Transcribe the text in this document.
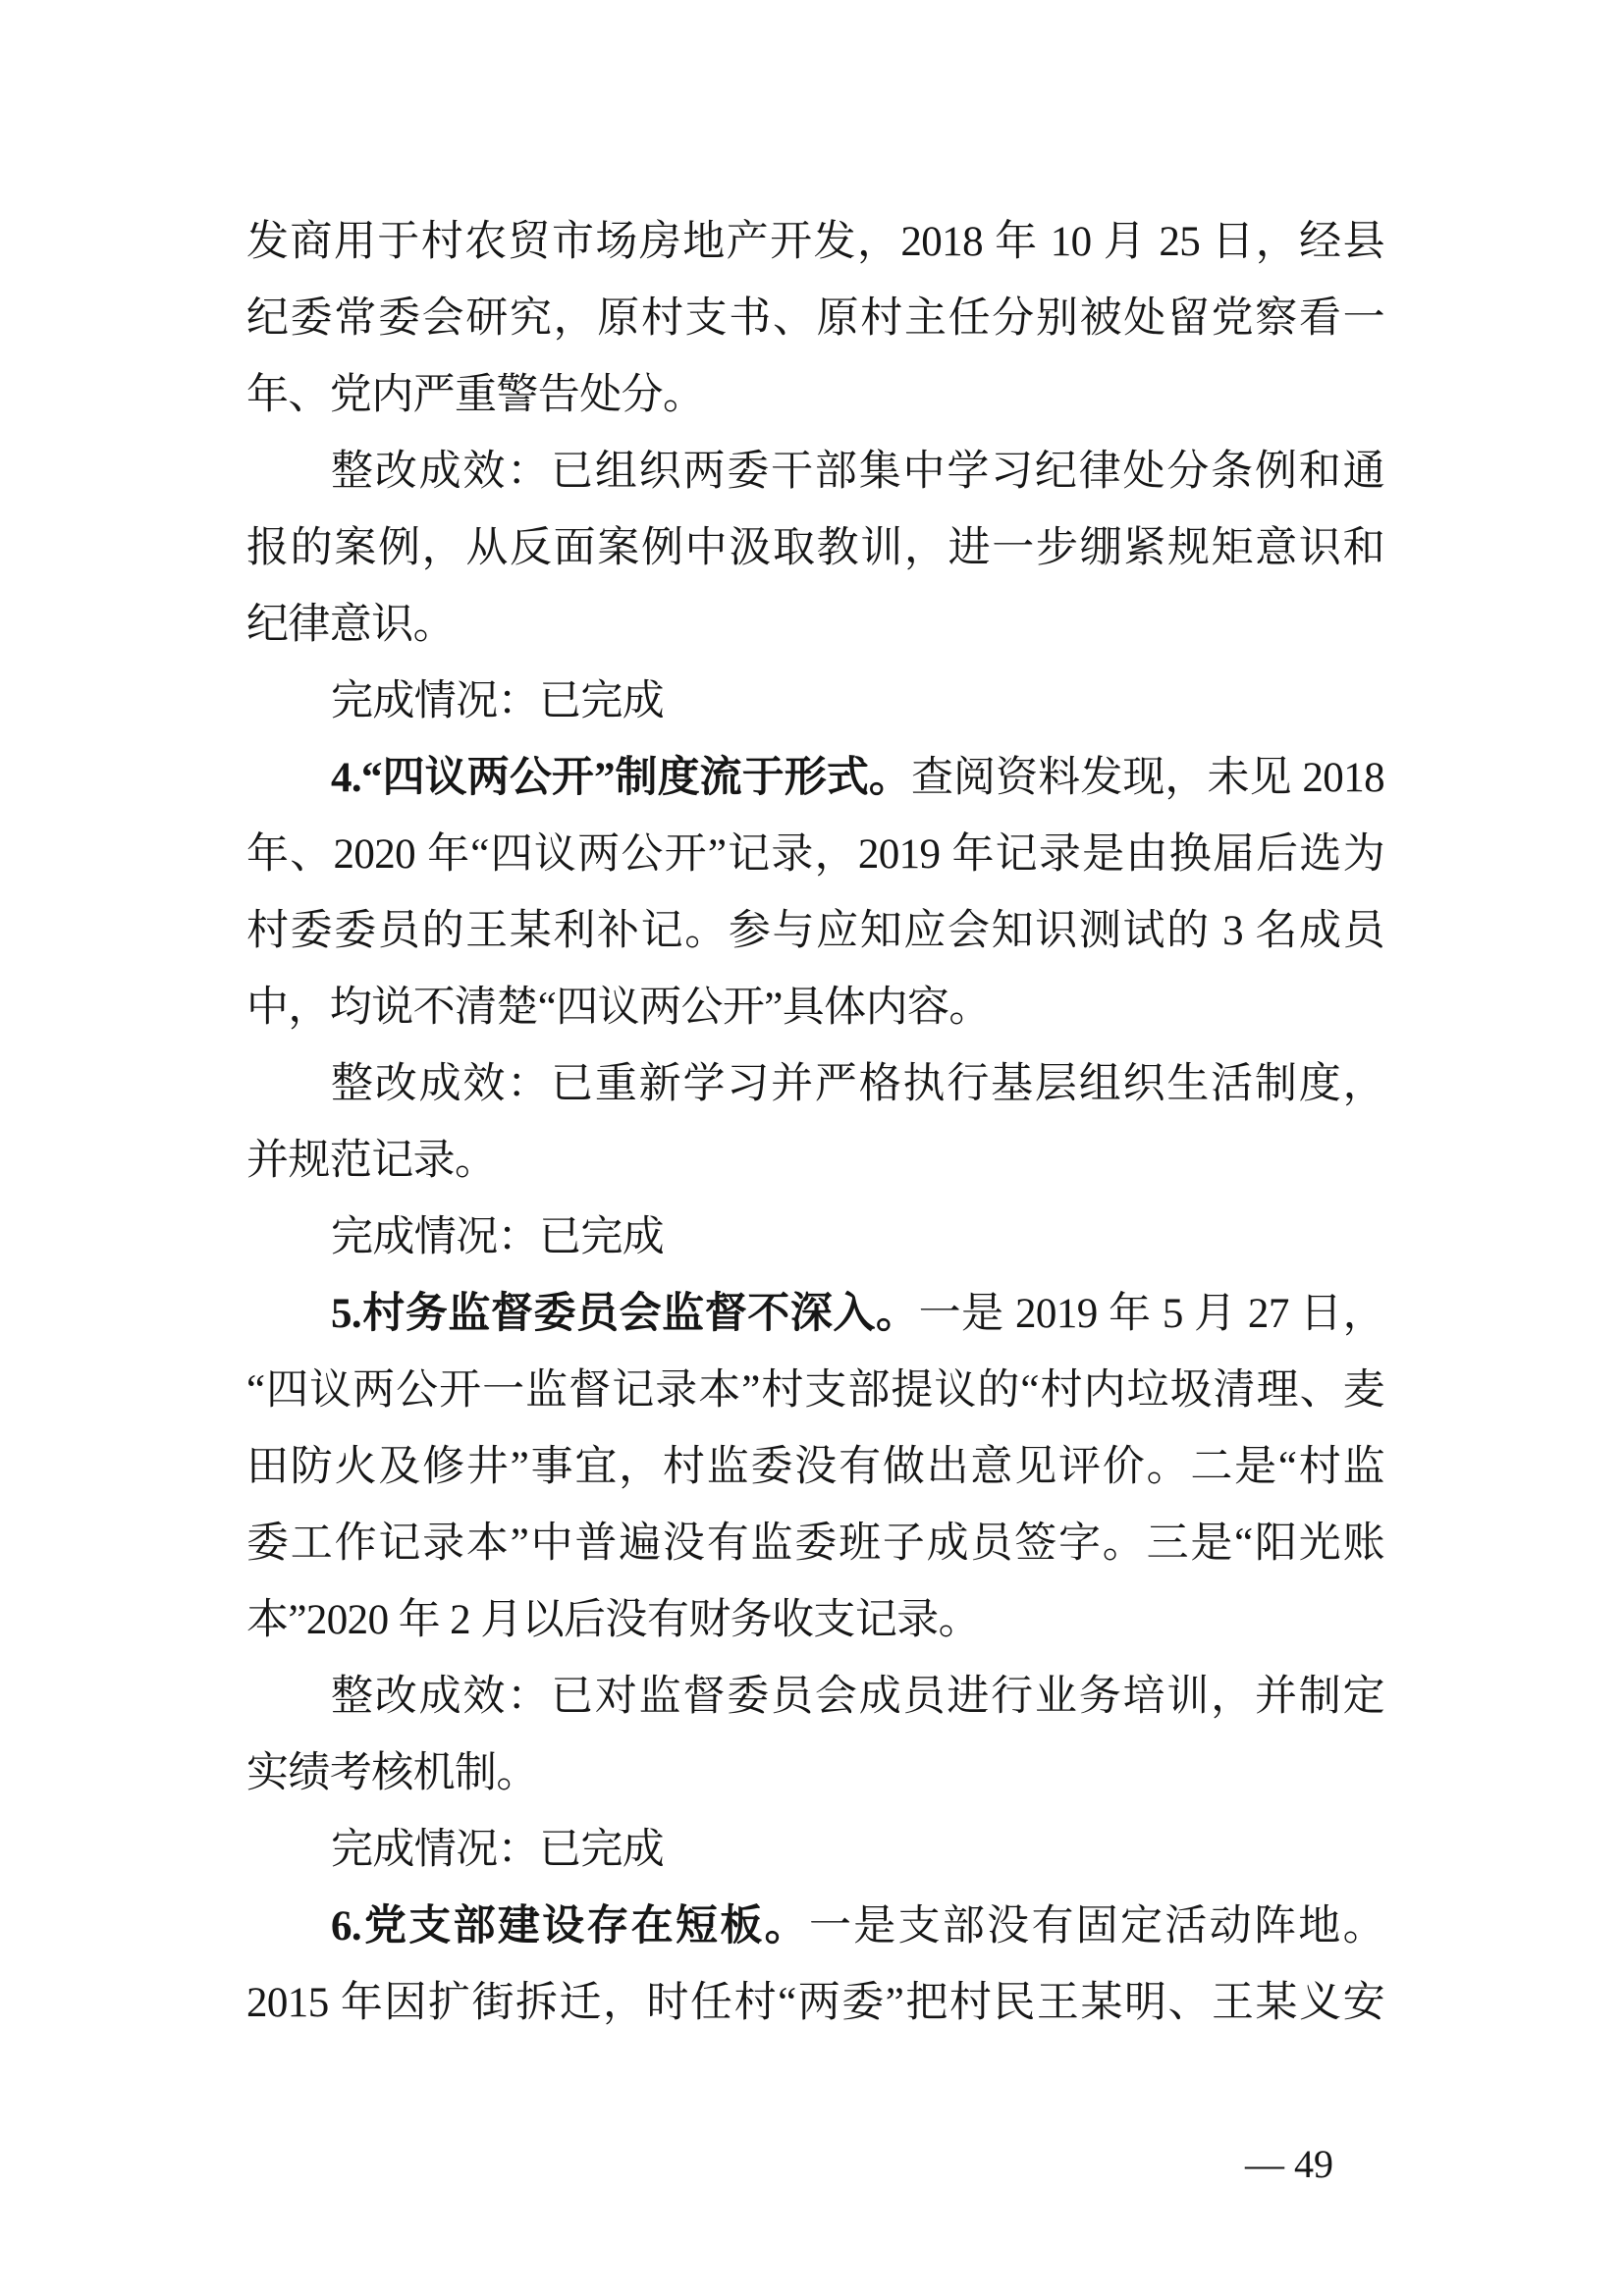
发商用于村农贸市场房地产开发，2018 年 10 月 25 日，经县
纪委常委会研究，原村支书、原村主任分别被处留党察看一
年、党内严重警告处分。
整改成效：已组织两委干部集中学习纪律处分条例和通
报的案例，从反面案例中汲取教训，进一步绷紧规矩意识和
纪律意识。
完成情况：已完成
4.“四议两公开”制度流于形式。查阅资料发现，未见 2018
年、2020 年“四议两公开”记录，2019 年记录是由换届后选为
村委委员的王某利补记。参与应知应会知识测试的 3 名成员
中，均说不清楚“四议两公开”具体内容。
整改成效：已重新学习并严格执行基层组织生活制度，
并规范记录。
完成情况：已完成
5.村务监督委员会监督不深入。一是 2019 年 5 月 27 日，
“四议两公开一监督记录本”村支部提议的“村内垃圾清理、麦
田防火及修井”事宜，村监委没有做出意见评价。二是“村监
委工作记录本”中普遍没有监委班子成员签字。三是“阳光账
本”2020 年 2 月以后没有财务收支记录。
整改成效：已对监督委员会成员进行业务培训，并制定
实绩考核机制。
完成情况：已完成
6.党支部建设存在短板。一是支部没有固定活动阵地。
2015 年因扩街拆迁，时任村“两委”把村民王某明、王某义安
— 49
